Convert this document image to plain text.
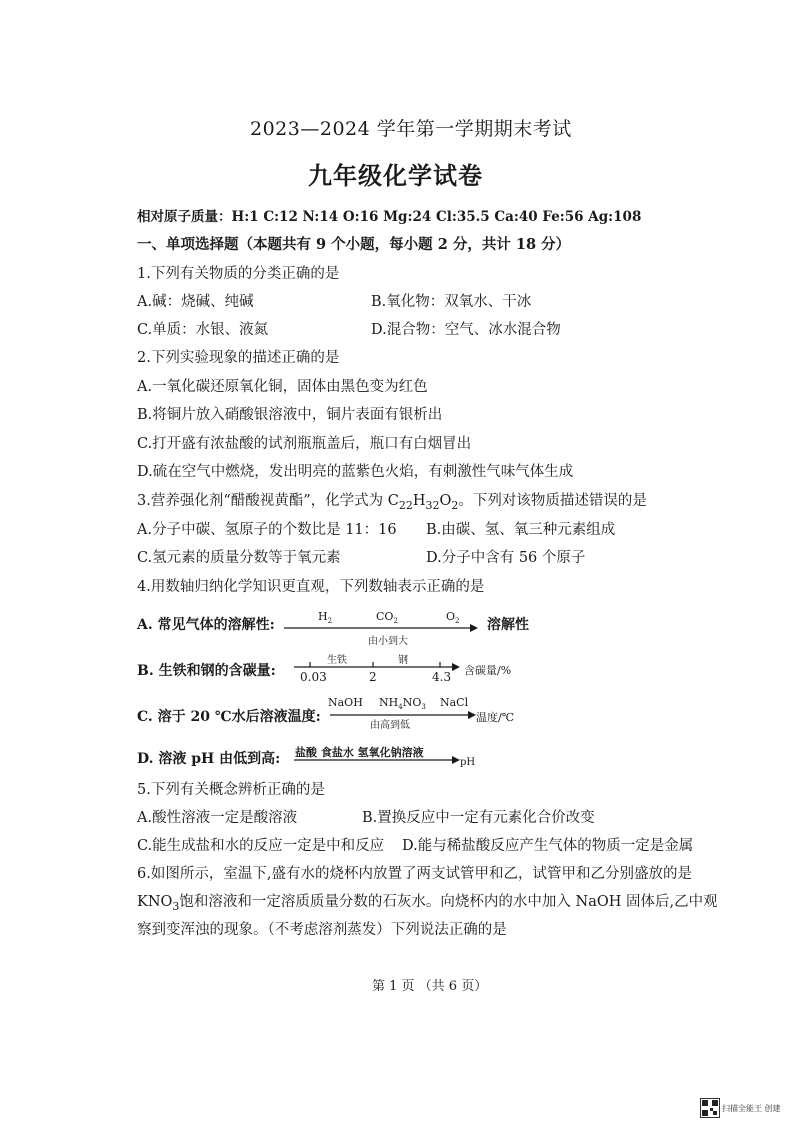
2023—2024 学年第一学期期末考试
九年级化学试卷
相对原子质量：H:1 C:12 N:14 O:16 Mg:24 Cl:35.5 Ca:40 Fe:56 Ag:108
一、单项选择题（本题共有 9 个小题，每小题 2 分，共计 18 分）
1.下列有关物质的分类正确的是
A.碱：烧碱、纯碱	B.氧化物：双氧水、干冰
C.单质：水银、液氮	D.混合物：空气、冰水混合物
2.下列实验现象的描述正确的是
A.一氧化碳还原氧化铜，固体由黑色变为红色
B.将铜片放入硝酸银溶液中，铜片表面有银析出
C.打开盛有浓盐酸的试剂瓶瓶盖后，瓶口有白烟冒出
D.硫在空气中燃烧，发出明亮的蓝紫色火焰，有刺激性气味气体生成
3.营养强化剂“醋酸视黄酯”，化学式为 $C_{22}H_{32}O_2$。下列对该物质描述错误的是
A.分子中碳、氢原子的个数比是 11：16 B.由碳、氢、氧三种元素组成
C.氢元素的质量分数等于氧元素	D.分子中含有 56 个原子
4.用数轴归纳化学知识更直观，下列数轴表示正确的是
A. 常见气体的溶解性:
$H_2$	$CO_2$	$O_2$
由小到大
溶解性
B. 生铁和钢的含碳量:
生铁	钢
0.03	2	4.3 含碳量/%
C. 溶于 20 ℃水后溶液温度:
NaOH $NH_4NO_3$ NaCl
由高到低
温度/℃
D. 溶液 pH 由低到高: 盐酸 食盐水 氢氧化钠溶液
pH
5.下列有关概念辨析正确的是
A.酸性溶液一定是酸溶液	B.置换反应中一定有元素化合价改变
C.能生成盐和水的反应一定是中和反应 D.能与稀盐酸反应产生气体的物质一定是金属
6.如图所示，室温下,盛有水的烧杯内放置了两支试管甲和乙，试管甲和乙分别盛放的是
$KNO_3$饱和溶液和一定溶质质量分数的石灰水。向烧杯内的水中加入 NaOH 固体后,乙中观
察到变浑浊的现象。（不考虑溶剂蒸发）下列说法正确的是
第 1 页 （共 6 页）
扫描全能王 创建
